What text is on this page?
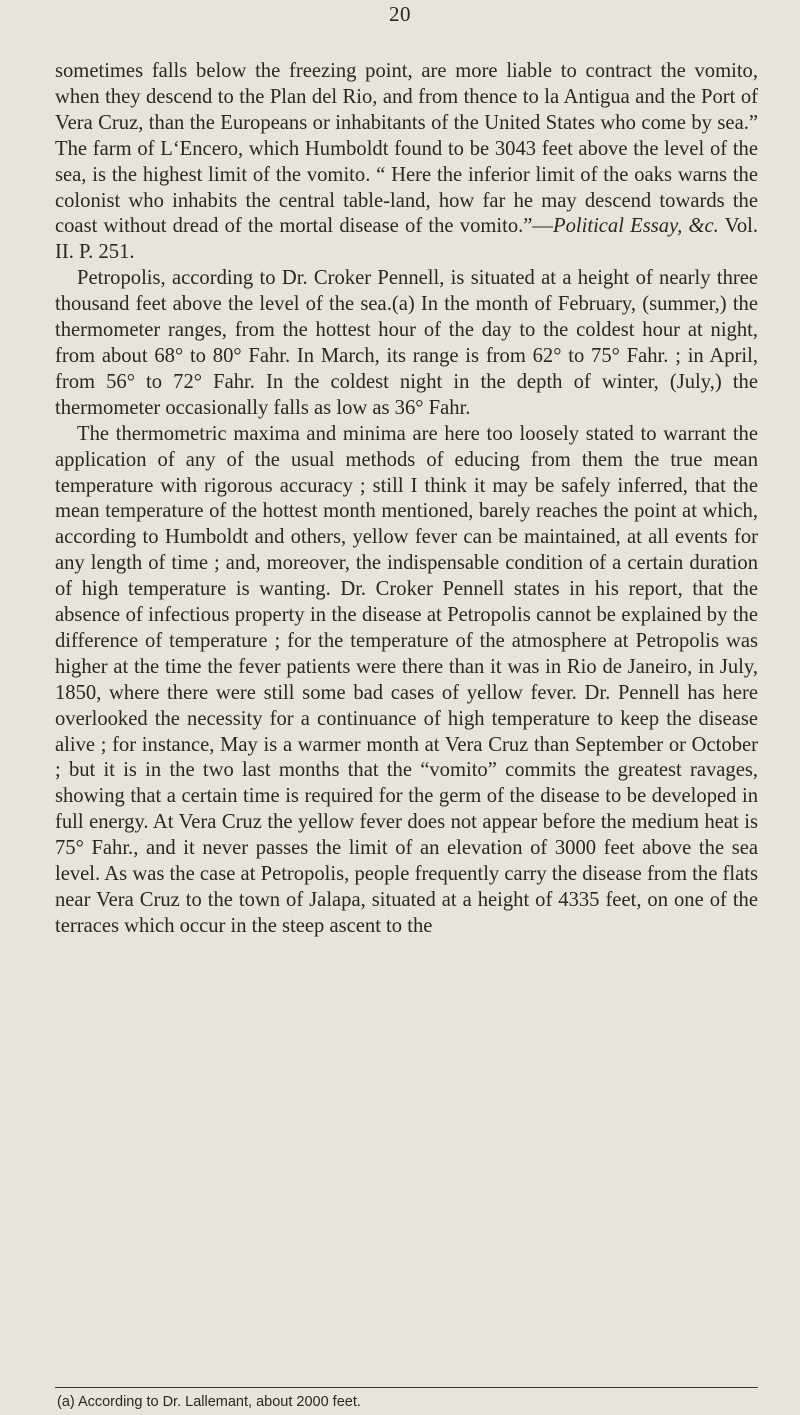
20

sometimes falls below the freezing point, are more liable to contract the vomito, when they descend to the Plan del Rio, and from thence to la Antigua and the Port of Vera Cruz, than the Europeans or inhabitants of the United States who come by sea.” The farm of L‘Encero, which Humboldt found to be 3043 feet above the level of the sea, is the highest limit of the vomito. “ Here the inferior limit of the oaks warns the colonist who inhabits the central table-land, how far he may descend towards the coast without dread of the mortal disease of the vomito.”—Political Essay, &c. Vol. II. P. 251.

Petropolis, according to Dr. Croker Pennell, is situated at a height of nearly three thousand feet above the level of the sea.(a) In the month of February, (summer,) the thermometer ranges, from the hottest hour of the day to the coldest hour at night, from about 68° to 80° Fahr. In March, its range is from 62° to 75° Fahr. ; in April, from 56° to 72° Fahr. In the coldest night in the depth of winter, (July,) the thermometer occasionally falls as low as 36° Fahr.

The thermometric maxima and minima are here too loosely stated to warrant the application of any of the usual methods of educing from them the true mean temperature with rigorous accuracy ; still I think it may be safely inferred, that the mean temperature of the hottest month mentioned, barely reaches the point at which, according to Humboldt and others, yellow fever can be maintained, at all events for any length of time ; and, moreover, the indispensable condition of a certain duration of high temperature is wanting. Dr. Croker Pennell states in his report, that the absence of infectious property in the disease at Petropolis cannot be explained by the difference of temperature ; for the temperature of the atmosphere at Petropolis was higher at the time the fever patients were there than it was in Rio de Janeiro, in July, 1850, where there were still some bad cases of yellow fever. Dr. Pennell has here overlooked the necessity for a continuance of high temperature to keep the disease alive ; for instance, May is a warmer month at Vera Cruz than September or October ; but it is in the two last months that the “vomito” commits the greatest ravages, showing that a certain time is required for the germ of the disease to be developed in full energy. At Vera Cruz the yellow fever does not appear before the medium heat is 75° Fahr., and it never passes the limit of an elevation of 3000 feet above the sea level. As was the case at Petropolis, people frequently carry the disease from the flats near Vera Cruz to the town of Jalapa, situated at a height of 4335 feet, on one of the terraces which occur in the steep ascent to the

(a) According to Dr. Lallemant, about 2000 feet.
